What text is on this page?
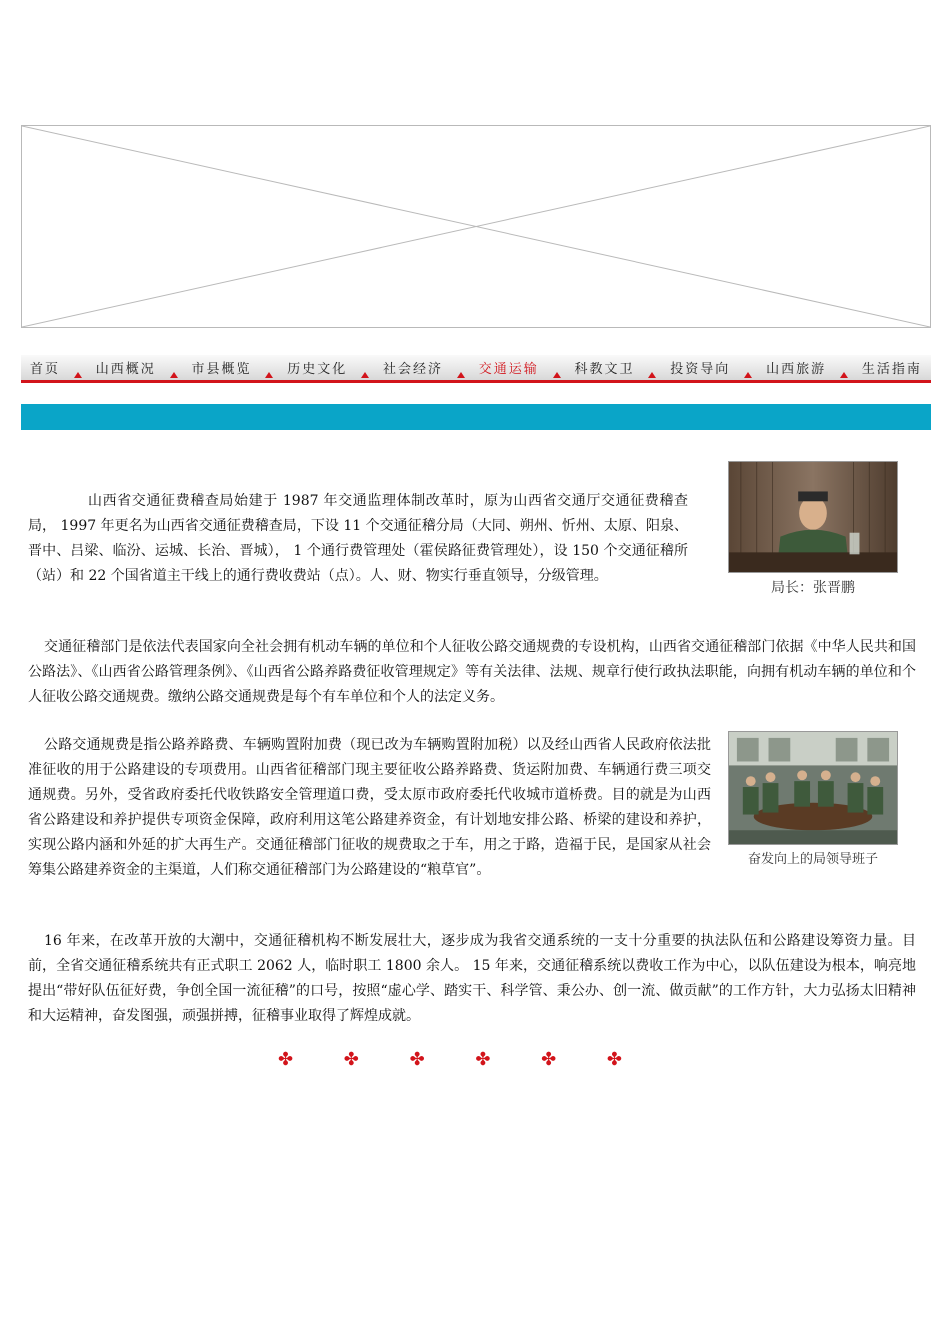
首页	山西概况	市县概览	历史文化	社会经济	交通运输	科教文卫	投资导向	山西旅游	生活指南

山西省交通征费稽查局始建于 1987 年交通监理体制改革时，原为山西省交通厅交通征费稽查局， 1997 年更名为山西省交通征费稽查局，下设 11 个交通征稽分局（大同、朔州、忻州、太原、阳泉、晋中、吕梁、临汾、运城、长治、晋城）， 1 个通行费管理处（霍侯路征费管理处），设 150 个交通征稽所（站）和 22 个国省道主干线上的通行费收费站（点）。人、财、物实行垂直领导，分级管理。

局长：张晋鹏

交通征稽部门是依法代表国家向全社会拥有机动车辆的单位和个人征收公路交通规费的专设机构，山西省交通征稽部门依据《中华人民共和国公路法》、《山西省公路管理条例》、《山西省公路养路费征收管理规定》等有关法律、法规、规章行使行政执法职能，向拥有机动车辆的单位和个人征收公路交通规费。缴纳公路交通规费是每个有车单位和个人的法定义务。

公路交通规费是指公路养路费、车辆购置附加费（现已改为车辆购置附加税）以及经山西省人民政府依法批准征收的用于公路建设的专项费用。山西省征稽部门现主要征收公路养路费、货运附加费、车辆通行费三项交通规费。另外，受省政府委托代收铁路安全管理道口费，受太原市政府委托代收城市道桥费。目的就是为山西省公路建设和养护提供专项资金保障，政府利用这笔公路建养资金，有计划地安排公路、桥梁的建设和养护，实现公路内涵和外延的扩大再生产。交通征稽部门征收的规费取之于车，用之于路，造福于民，是国家从社会筹集公路建养资金的主渠道，人们称交通征稽部门为公路建设的“粮草官”。

奋发向上的局领导班子

16 年来，在改革开放的大潮中，交通征稽机构不断发展壮大，逐步成为我省交通系统的一支十分重要的执法队伍和公路建设筹资力量。目前，全省交通征稽系统共有正式职工 2062 人，临时职工 1800 余人。 15 年来，交通征稽系统以费收工作为中心，以队伍建设为根本，响亮地提出“带好队伍征好费，争创全国一流征稽”的口号，按照“虚心学、踏实干、科学管、秉公办、创一流、做贡献”的工作方针，大力弘扬太旧精神和大运精神，奋发图强，顽强拼搏，征稽事业取得了辉煌成就。

✤	✤	✤	✤	✤	✤
